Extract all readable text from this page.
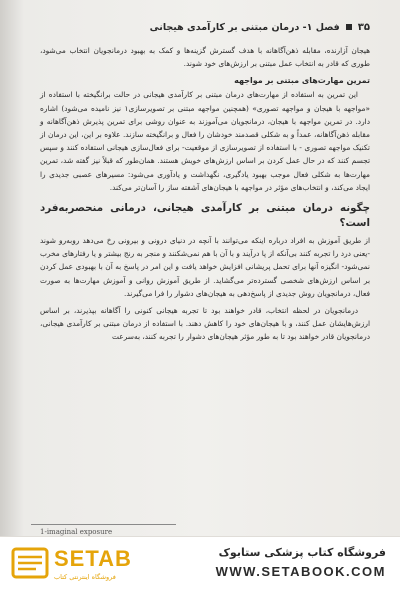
۳۵
فصل ۱- درمان مبتنی بر کارآمدی هیجانی

هیجان آزارنده، مقابله ذهن‌آگاهانه با هدف گسترش گزینه‌ها و کمک به بهبود درمانجویان انتخاب می‌شود، طوری که قادر به انتخاب عمل مبتنی بر ارزش‌های خود شوند.

تمرین مهارت‌های مبتنی بر مواجهه

این تمرین به استفاده از مهارت‌های درمان مبتنی بر کارآمدی هیجانی در حالت برانگیخته با استفاده از «مواجهه با هیجان و مواجهه تصوری» (همچنین مواجهه مبتنی بر تصویرسازی۱ نیز نامیده می‌شود) اشاره دارد. در تمرین مواجهه با هیجان، درمانجویان می‌آموزند به عنوان روشی برای تمرین پذیرش ذهن‌آگاهانه و مقابله ذهن‌آگاهانه، عمداً و به شکلی قصدمند خودشان را فعال و برانگیخته سازند. علاوه بر این، این درمان از تکنیک مواجهه تصوری - با استفاده از تصویرسازی از موقعیت- برای فعال‌سازی هیجانی استفاده کنند و سپس تجسم کنند که در حال عمل کردن بر اساس ارزش‌های خویش هستند. همان‌طور که قبلاً نیز گفته شد، تمرین مهارت‌ها به شکلی فعال موجب بهبود یادگیری، نگهداشت و یادآوری می‌شود: مسیرهای عصبی جدیدی را ایجاد می‌کند، و انتخاب‌های مؤثر در مواجهه با هیجان‌های آشفته ساز را آسان‌تر می‌کند.

چگونه درمان مبتنی بر کارآمدی هیجانی، درمانی منحصربه‌فرد است؟

از طریق آموزش به افراد درباره اینکه می‌توانند با آنچه در دنیای درونی و بیرونی رخ می‌دهد روبه‌رو شوند -یعنی درد را تجربه کنند بی‌آنکه از پا درآیند و با آن با هم نمی‌شکنند و منجر به رنج بیشتر و یا رفتارهای مخرب نمی‌شود- انگیزه آنها برای تحمل پریشانی افزایش خواهد یافت و این امر در پاسخ به آن با بهبودی عمل کردن بر اساس ارزش‌های شخصی گسترده‌تر می‌گشاید. از طریق آموزش روانی و آموزش مهارت‌ها به صورت فعال، درمانجویان روش جدیدی از پاسخ‌دهی به هیجان‌های دشوار را فرا می‌گیرند.

درمانجویان در لحظه انتخاب، قادر خواهند بود تا تجربه هیجانی کنونی را آگاهانه بپذیرند، بر اساس ارزش‌هایشان عمل کنند، و با هیجان‌های خود را کاهش دهند. با استفاده از درمان مبتنی بر کارآمدی هیجانی، درمانجویان قادر خواهند بود تا به طور مؤثر هیجان‌های دشوار را تجربه کنند، به‌سرعت

1-imaginal exposure
SETAB
فروشگاه اینترنتی کتاب
فروشگاه کتاب پزشکی ستابوک
WWW.SETABOOK.COM
